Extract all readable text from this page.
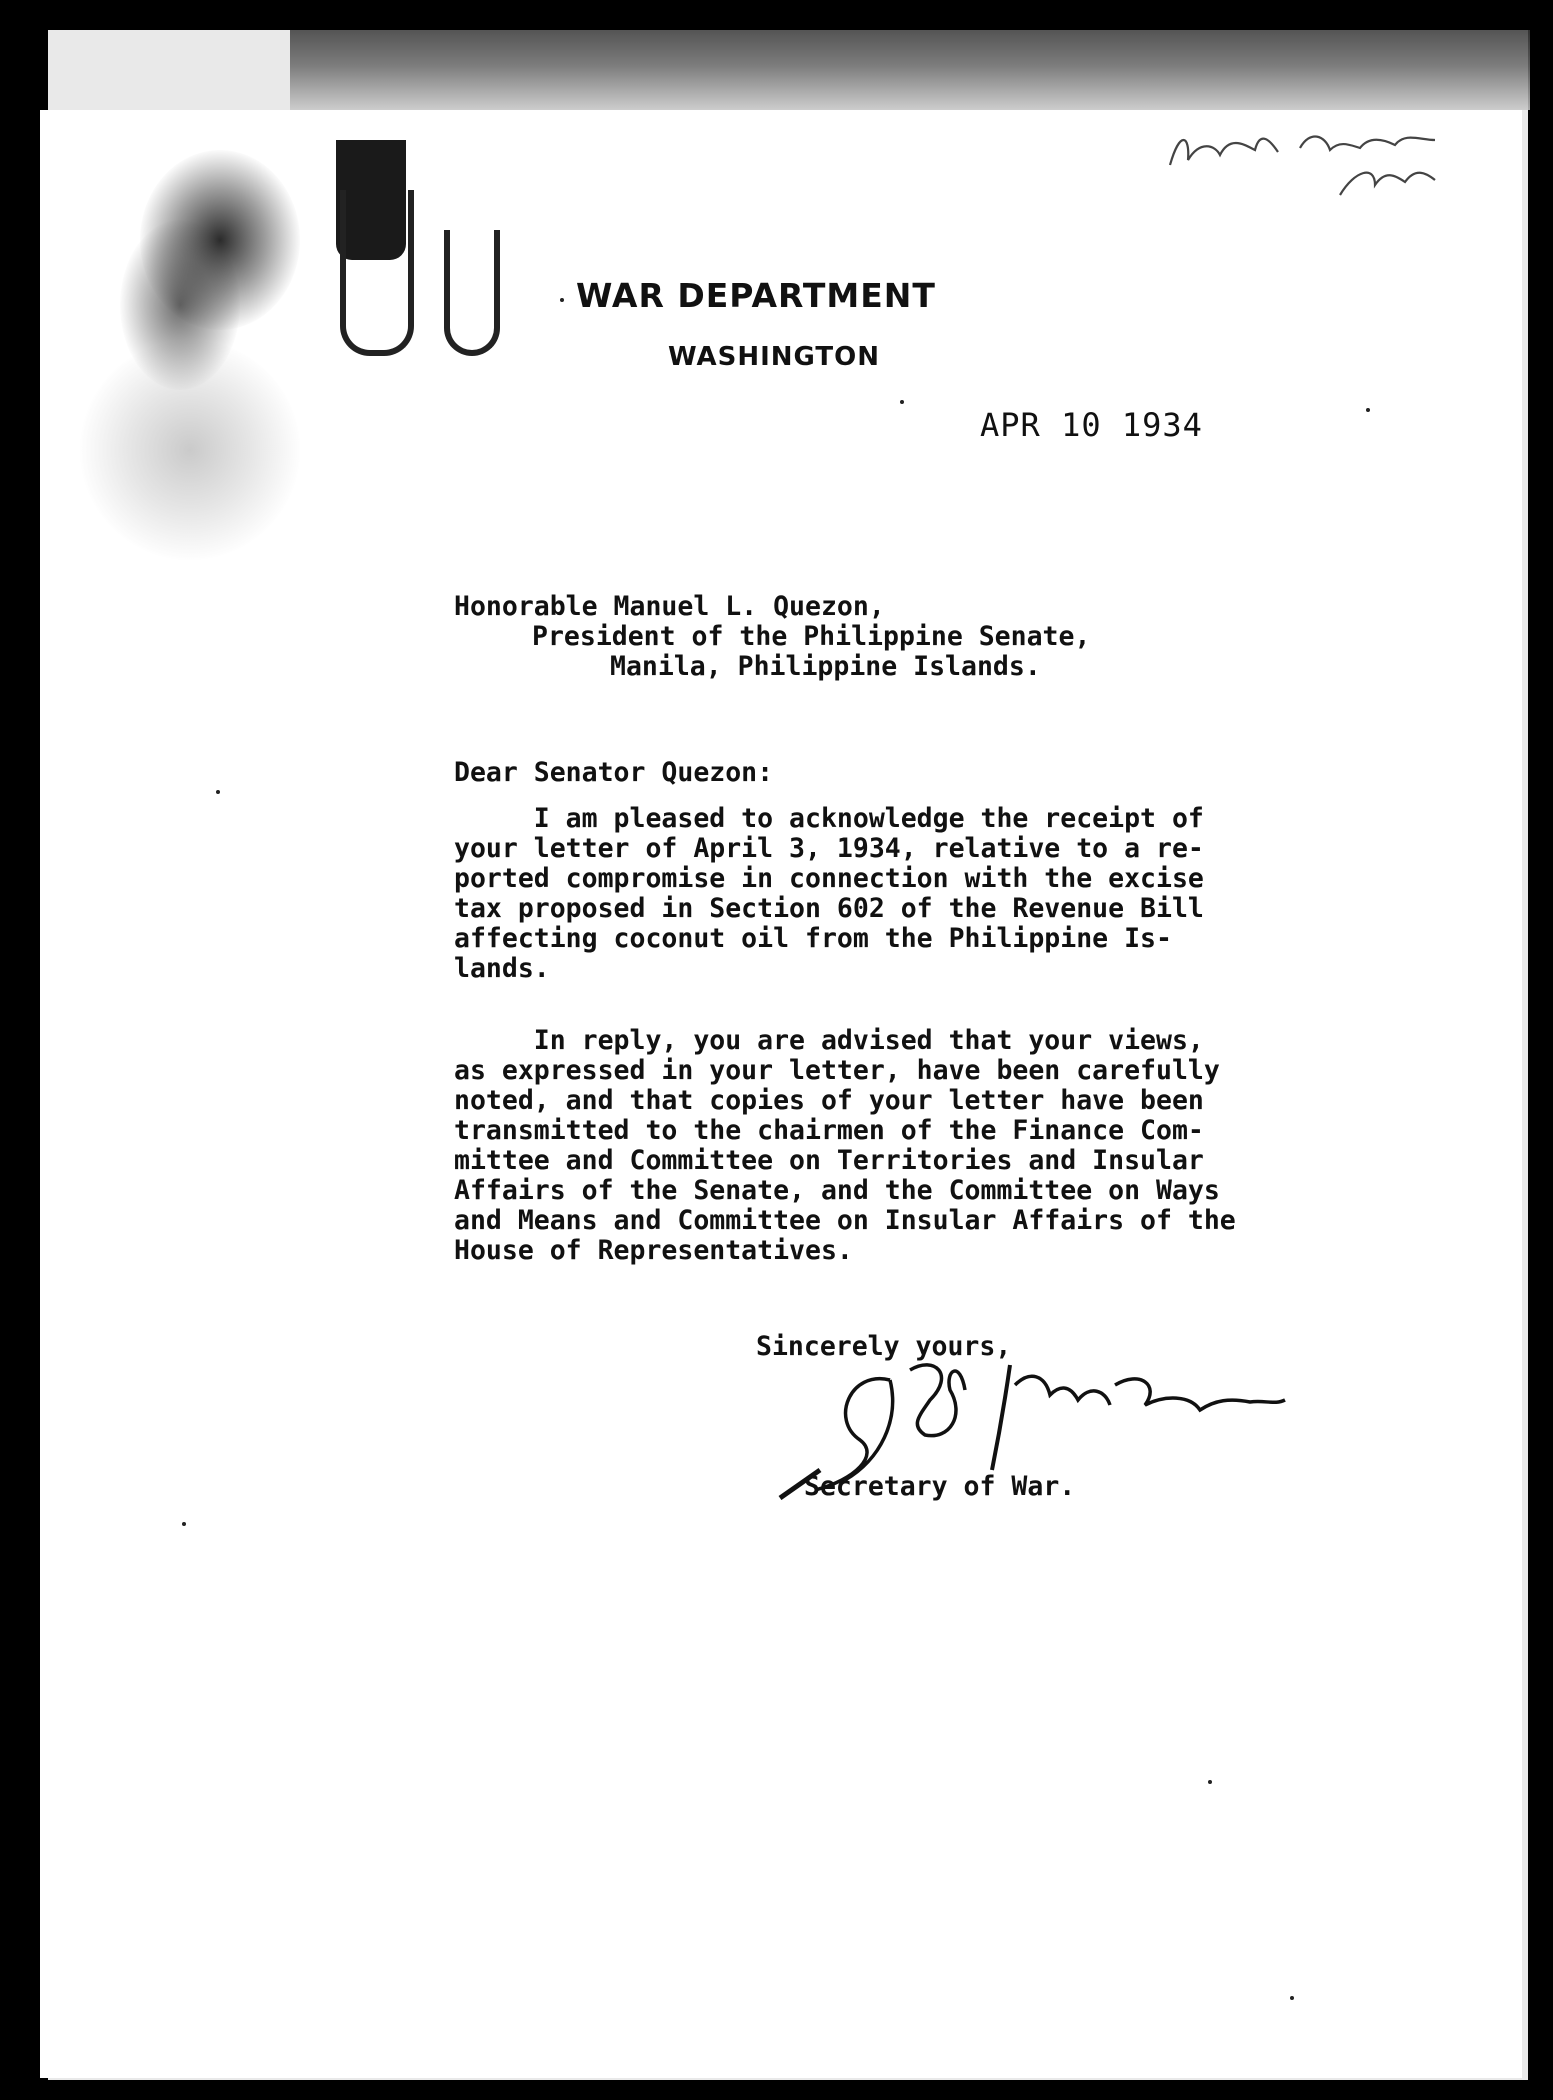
WAR DEPARTMENT
WASHINGTON
APR 10 1934
Honorable Manuel L. Quezon,
President of the Philippine Senate,
Manila, Philippine Islands.
Dear Senator Quezon:
I am pleased to acknowledge the receipt of
your letter of April 3, 1934, relative to a re-
ported compromise in connection with the excise
tax proposed in Section 602 of the Revenue Bill
affecting coconut oil from the Philippine Is-
lands.
In reply, you are advised that your views,
as expressed in your letter, have been carefully
noted, and that copies of your letter have been
transmitted to the chairmen of the Finance Com-
mittee and Committee on Territories and Insular
Affairs of the Senate, and the Committee on Ways
and Means and Committee on Insular Affairs of the
House of Representatives.
Sincerely yours,
Secretary of War.
